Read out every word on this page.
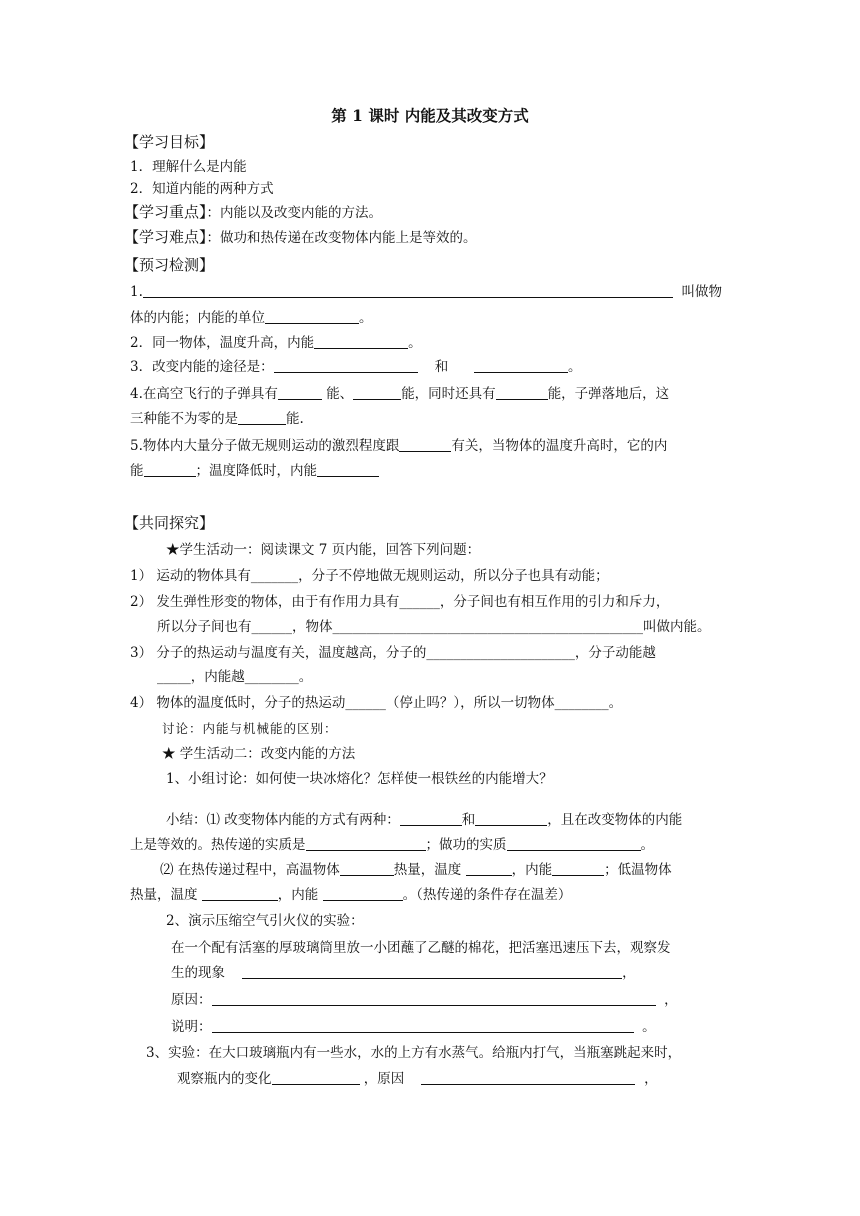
第 1 课时 内能及其改变方式
【学习目标】
1．理解什么是内能
2．知道内能的两种方式
【学习重点】：内能以及改变内能的方法。
【学习难点】：做功和热传递在改变物体内能上是等效的。
【预习检测】
1.	叫做物
体的内能；内能的单位	。
2．同一物体，温度升高，内能	。
3．改变内能的途径是：	和	。
4.在高空飞行的子弹具有	能、	能，同时还具有	能，子弹落地后，这
三种能不为零的是	能.
5.物体内大量分子做无规则运动的激烈程度跟	有关，当物体的温度升高时，它的内
能	；温度降低时，内能
【共同探究】
★学生活动一：阅读课文 7 页内能，回答下列问题：
1） 运动的物体具有_______，分子不停地做无规则运动，所以分子也具有动能；
2） 发生弹性形变的物体，由于有作用力具有______，分子间也有相互作用的引力和斥力，
所以分子间也有______，物体______________________________________________叫做内能。
3） 分子的热运动与温度有关，温度越高，分子的______________________，分子动能越
_____，内能越________。
4） 物体的温度低时，分子的热运动______（停止吗？），所以一切物体________。
讨论：内能与机械能的区别：
★ 学生活动二：改变内能的方法
1、小组讨论：如何使一块冰熔化？怎样使一根铁丝的内能增大？
小结：⑴ 改变物体内能的方式有两种：	和	，且在改变物体的内能
上是等效的。热传递的实质是	；做功的实质	。
⑵ 在热传递过程中，高温物体	热量，温度	，内能	；低温物体
热量，温度	，内能	。（热传递的条件存在温差）
2、演示压缩空气引火仪的实验：
在一个配有活塞的厚玻璃筒里放一小团蘸了乙醚的棉花，把活塞迅速压下去，观察发
生的现象	，
原因：	，
说明：	。
3、实验：在大口玻璃瓶内有一些水，水的上方有水蒸气。给瓶内打气，当瓶塞跳起来时，
观察瓶内的变化	，原因	，
